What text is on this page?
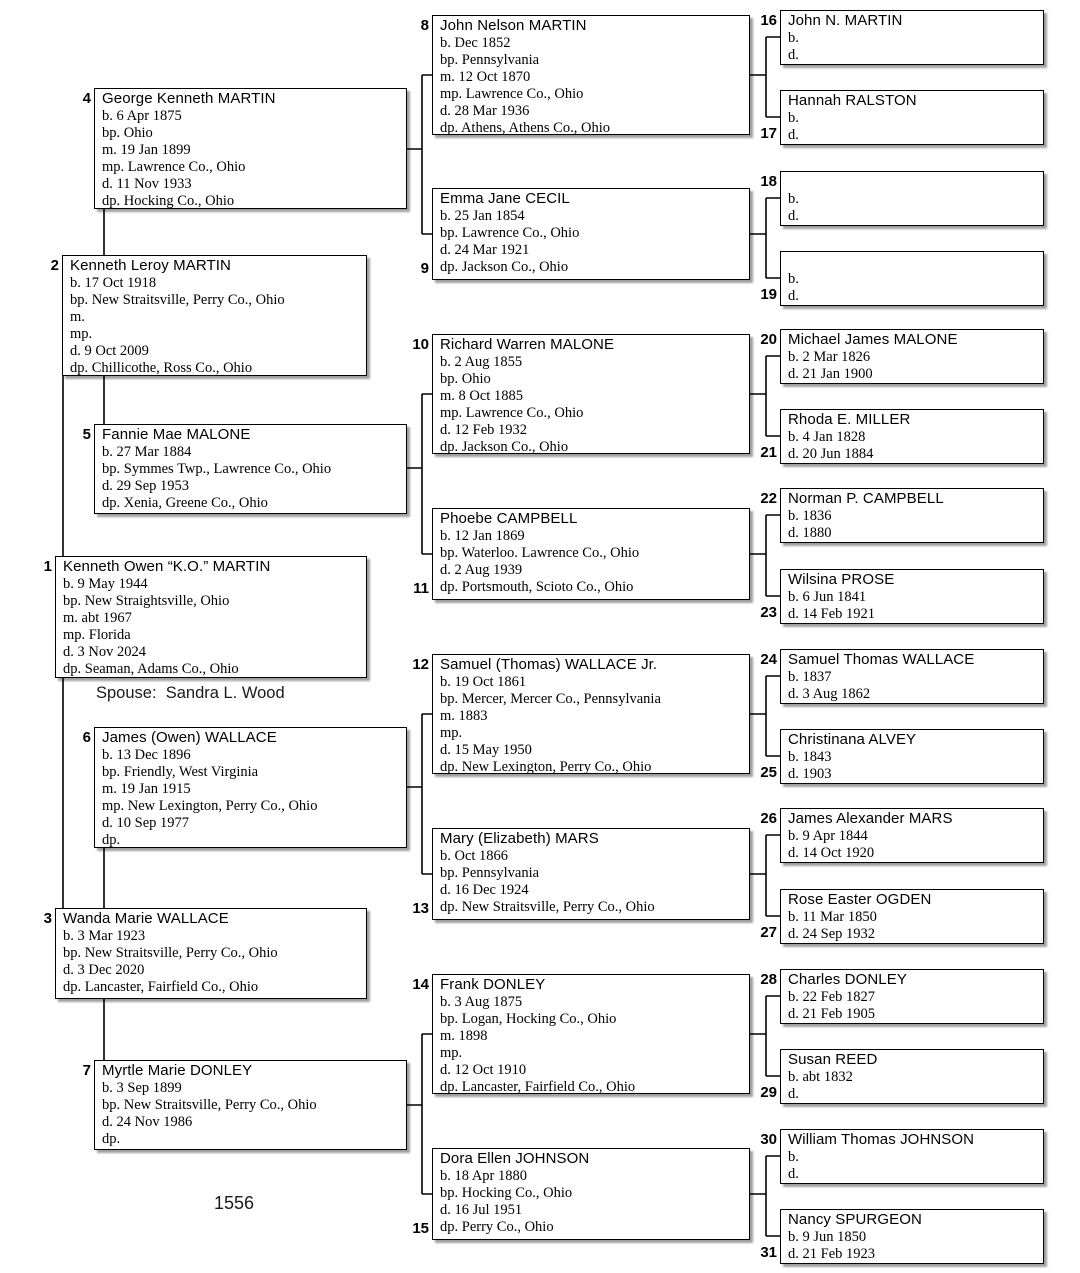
4 George Kenneth MARTIN
b. 6 Apr 1875
bp. Ohio
m. 19 Jan 1899
mp. Lawrence Co., Ohio
d. 11 Nov 1933
dp. Hocking Co., Ohio
2 Kenneth Leroy MARTIN
b. 17 Oct 1918
bp. New Straitsville, Perry Co., Ohio
m.
mp.
d. 9 Oct 2009
dp. Chillicothe, Ross Co., Ohio
5 Fannie Mae MALONE
b. 27 Mar 1884
bp. Symmes Twp., Lawrence Co., Ohio
d. 29 Sep 1953
dp. Xenia, Greene Co., Ohio
1 Kenneth Owen “K.O.” MARTIN
b. 9 May 1944
bp. New Straightsville, Ohio
m. abt 1967
mp. Florida
d. 3 Nov 2024
dp. Seaman, Adams Co., Ohio
Spouse: Sandra L. Wood
6 James (Owen) WALLACE
b. 13 Dec 1896
bp. Friendly, West Virginia
m. 19 Jan 1915
mp. New Lexington, Perry Co., Ohio
d. 10 Sep 1977
dp.
3 Wanda Marie WALLACE
b. 3 Mar 1923
bp. New Straitsville, Perry Co., Ohio
d. 3 Dec 2020
dp. Lancaster, Fairfield Co., Ohio
7 Myrtle Marie DONLEY
b. 3 Sep 1899
bp. New Straitsville, Perry Co., Ohio
d. 24 Nov 1986
dp.
1556
8 John Nelson MARTIN
b. Dec 1852
bp. Pennsylvania
m. 12 Oct 1870
mp. Lawrence Co., Ohio
d. 28 Mar 1936
dp. Athens, Athens Co., Ohio
9
Emma Jane CECIL
b. 25 Jan 1854
bp. Lawrence Co., Ohio
d. 24 Mar 1921
dp. Jackson Co., Ohio
10 Richard Warren MALONE
b. 2 Aug 1855
bp. Ohio
m. 8 Oct 1885
mp. Lawrence Co., Ohio
d. 12 Feb 1932
dp. Jackson Co., Ohio
11
Phoebe CAMPBELL
b. 12 Jan 1869
bp. Waterloo. Lawrence Co., Ohio
d. 2 Aug 1939
dp. Portsmouth, Scioto Co., Ohio
12 Samuel (Thomas) WALLACE Jr.
b. 19 Oct 1861
bp. Mercer, Mercer Co., Pennsylvania
m. 1883
mp.
d. 15 May 1950
dp. New Lexington, Perry Co., Ohio
13
Mary (Elizabeth) MARS
b. Oct 1866
bp. Pennsylvania
d. 16 Dec 1924
dp. New Straitsville, Perry Co., Ohio
14 Frank DONLEY
b. 3 Aug 1875
bp. Logan, Hocking Co., Ohio
m. 1898
mp.
d. 12 Oct 1910
dp. Lancaster, Fairfield Co., Ohio
15
Dora Ellen JOHNSON
b. 18 Apr 1880
bp. Hocking Co., Ohio
d. 16 Jul 1951
dp. Perry Co., Ohio
16 John N. MARTIN
b.
d.
17
Hannah RALSTON
b.
d.
18
b.
d.
19
b.
d.
20 Michael James MALONE
b. 2 Mar 1826
d. 21 Jan 1900
21
Rhoda E. MILLER
b. 4 Jan 1828
d. 20 Jun 1884
22 Norman P. CAMPBELL
b. 1836
d. 1880
23
Wilsina PROSE
b. 6 Jun 1841
d. 14 Feb 1921
24 Samuel Thomas WALLACE
b. 1837
d. 3 Aug 1862
25
Christinana ALVEY
b. 1843
d. 1903
26 James Alexander MARS
b. 9 Apr 1844
d. 14 Oct 1920
27
Rose Easter OGDEN
b. 11 Mar 1850
d. 24 Sep 1932
28 Charles DONLEY
b. 22 Feb 1827
d. 21 Feb 1905
29
Susan REED
b. abt 1832
d.
30 William Thomas JOHNSON
b.
d.
31
Nancy SPURGEON
b. 9 Jun 1850
d. 21 Feb 1923
